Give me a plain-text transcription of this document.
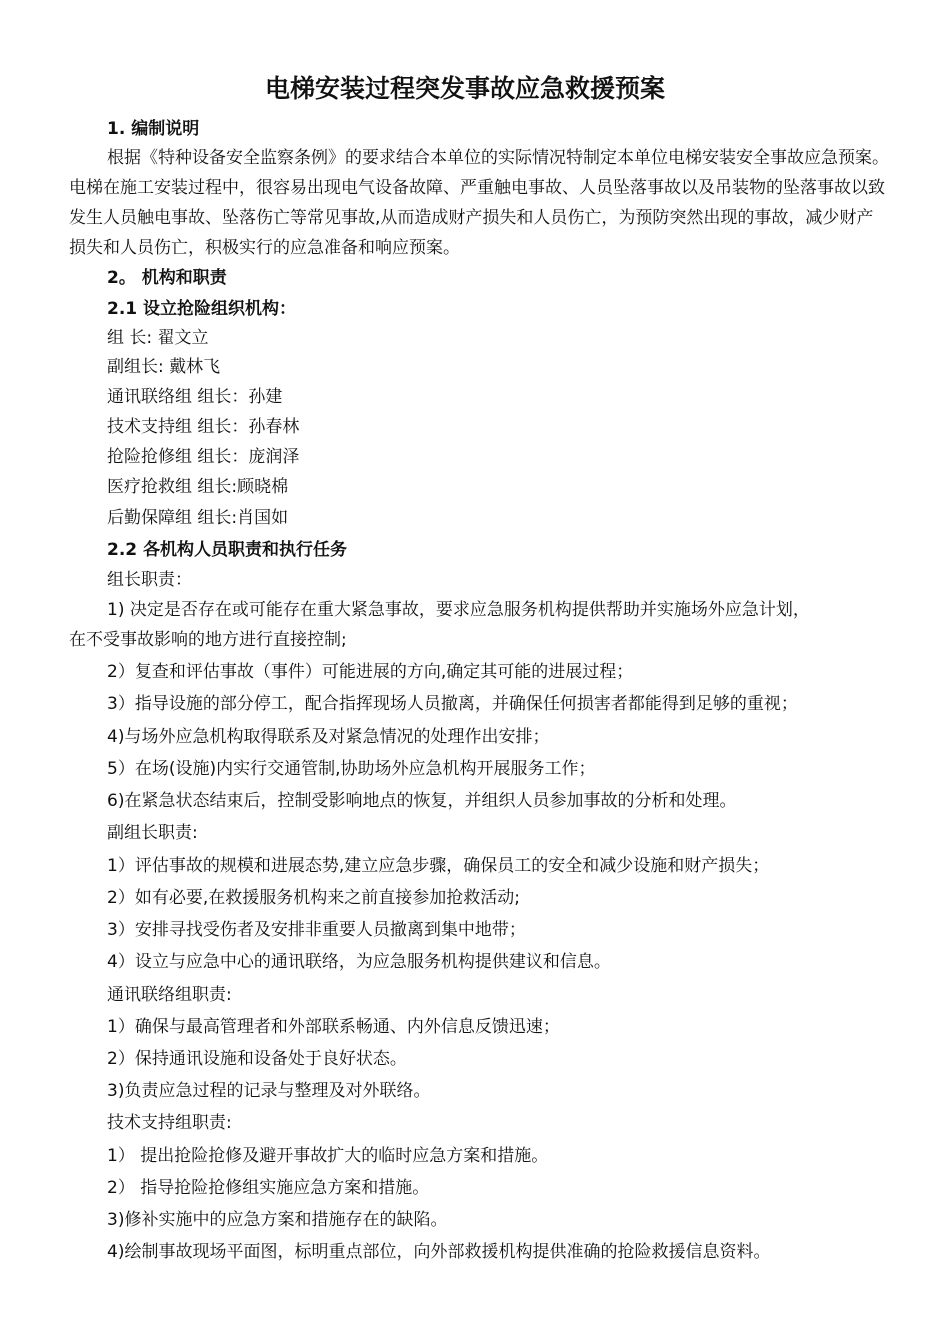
电梯安装过程突发事故应急救援预案
1. 编制说明
根据《特种设备安全监察条例》的要求结合本单位的实际情况特制定本单位电梯安装安全事故应急预案。电梯在施工安装过程中，很容易出现电气设备故障、严重触电事故、人员坠落事故以及吊装物的坠落事故以致发生人员触电事故、坠落伤亡等常见事故,从而造成财产损失和人员伤亡，为预防突然出现的事故，减少财产损失和人员伤亡，积极实行的应急准备和响应预案。
2。 机构和职责
2.1 设立抢险组织机构：
组 长: 翟文立
副组长: 戴林飞
通讯联络组 组长：孙建
技术支持组 组长：孙春林
抢险抢修组 组长：庞润泽
医疗抢救组 组长:顾晓棉
后勤保障组 组长:肖国如
2.2 各机构人员职责和执行任务
组长职责：
1) 决定是否存在或可能存在重大紧急事故，要求应急服务机构提供帮助并实施场外应急计划，
在不受事故影响的地方进行直接控制;
2）复查和评估事故（事件）可能进展的方向,确定其可能的进展过程；
3）指导设施的部分停工，配合指挥现场人员撤离，并确保任何损害者都能得到足够的重视；
4)与场外应急机构取得联系及对紧急情况的处理作出安排；
5）在场(设施)内实行交通管制,协助场外应急机构开展服务工作；
6)在紧急状态结束后，控制受影响地点的恢复，并组织人员参加事故的分析和处理。
副组长职责:
1）评估事故的规模和进展态势,建立应急步骤，确保员工的安全和减少设施和财产损失；
2）如有必要,在救援服务机构来之前直接参加抢救活动;
3）安排寻找受伤者及安排非重要人员撤离到集中地带；
4）设立与应急中心的通讯联络，为应急服务机构提供建议和信息。
通讯联络组职责:
1）确保与最高管理者和外部联系畅通、内外信息反馈迅速；
2）保持通讯设施和设备处于良好状态。
3)负责应急过程的记录与整理及对外联络。
技术支持组职责:
1） 提出抢险抢修及避开事故扩大的临时应急方案和措施。
2） 指导抢险抢修组实施应急方案和措施。
3)修补实施中的应急方案和措施存在的缺陷。
4)绘制事故现场平面图，标明重点部位，向外部救援机构提供准确的抢险救援信息资料。
